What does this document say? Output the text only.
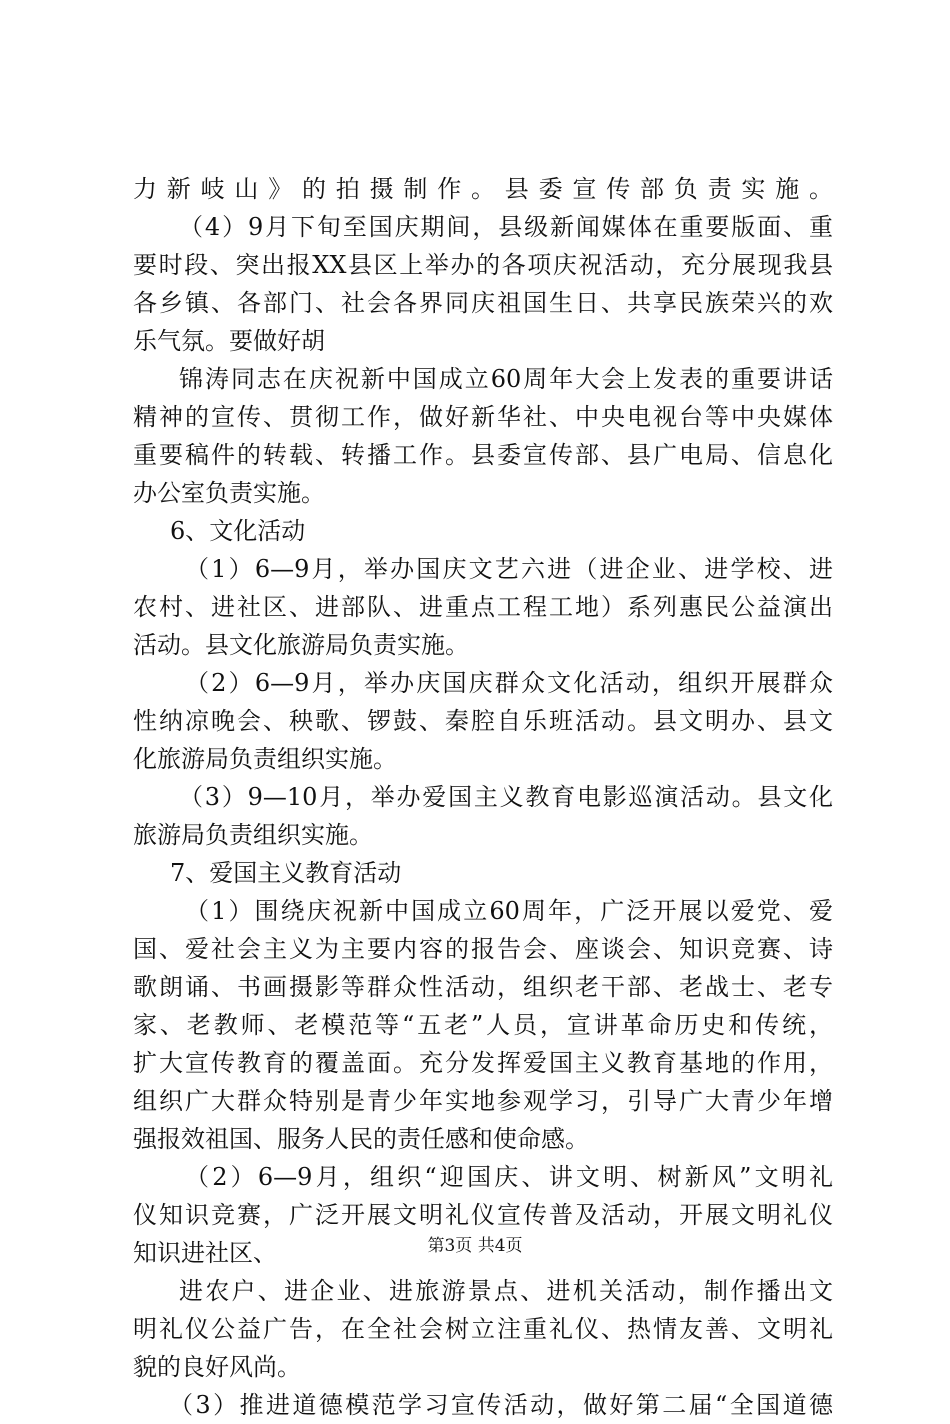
力新岐山》的拍摄制作。县委宣传部负责实施。
（4）9月下旬至国庆期间，县级新闻媒体在重要版面、重
要时段、突出报XX县区上举办的各项庆祝活动，充分展现我县
各乡镇、各部门、社会各界同庆祖国生日、共享民族荣兴的欢
乐气氛。要做好胡
锦涛同志在庆祝新中国成立60周年大会上发表的重要讲话
精神的宣传、贯彻工作，做好新华社、中央电视台等中央媒体
重要稿件的转载、转播工作。县委宣传部、县广电局、信息化
办公室负责实施。
6、文化活动
（1）6—9月，举办国庆文艺六进（进企业、进学校、进
农村、进社区、进部队、进重点工程工地）系列惠民公益演出
活动。县文化旅游局负责实施。
（2）6—9月，举办庆国庆群众文化活动，组织开展群众
性纳凉晚会、秧歌、锣鼓、秦腔自乐班活动。县文明办、县文
化旅游局负责组织实施。
（3）9—10月，举办爱国主义教育电影巡演活动。县文化
旅游局负责组织实施。
7、爱国主义教育活动
（1）围绕庆祝新中国成立60周年，广泛开展以爱党、爱
国、爱社会主义为主要内容的报告会、座谈会、知识竞赛、诗
歌朗诵、书画摄影等群众性活动，组织老干部、老战士、老专
家、老教师、老模范等“五老”人员，宣讲革命历史和传统，
扩大宣传教育的覆盖面。充分发挥爱国主义教育基地的作用，
组织广大群众特别是青少年实地参观学习，引导广大青少年增
强报效祖国、服务人民的责任感和使命感。
（2）6—9月，组织“迎国庆、讲文明、树新风”文明礼
仪知识竞赛，广泛开展文明礼仪宣传普及活动，开展文明礼仪
知识进社区、
进农户、进企业、进旅游景点、进机关活动，制作播出文
明礼仪公益广告，在全社会树立注重礼仪、热情友善、文明礼
貌的良好风尚。
（3）推进道德模范学习宣传活动，做好第二届“全国道德
第3页 共4页
